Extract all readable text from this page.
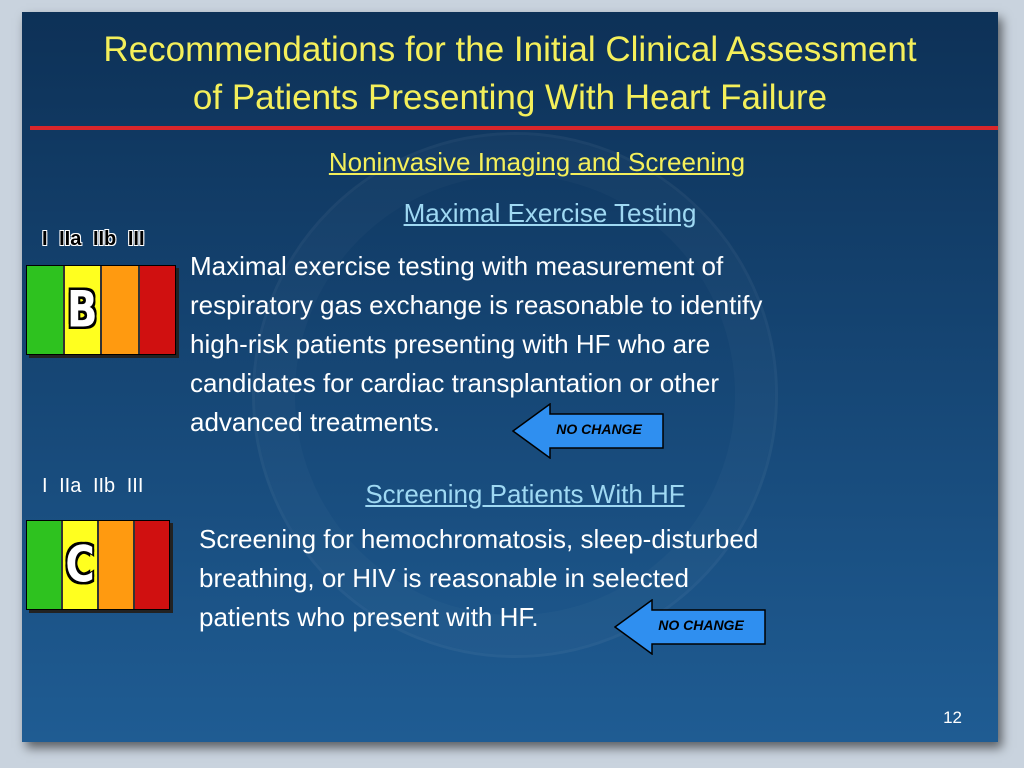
Recommendations for the Initial Clinical Assessment
of Patients Presenting With Heart Failure
Noninvasive Imaging and Screening
Maximal Exercise Testing
I IIa IIb III
B
Maximal exercise testing with measurement of
respiratory gas exchange is reasonable to identify
high-risk patients presenting with HF who are
candidates for cardiac transplantation or other
advanced treatments.	NO CHANGE
I IIa IIb III	Screening Patients With HF
C	Screening for hemochromatosis, sleep-disturbed
breathing, or HIV is reasonable in selected
patients who present with HF.	NO CHANGE
12
